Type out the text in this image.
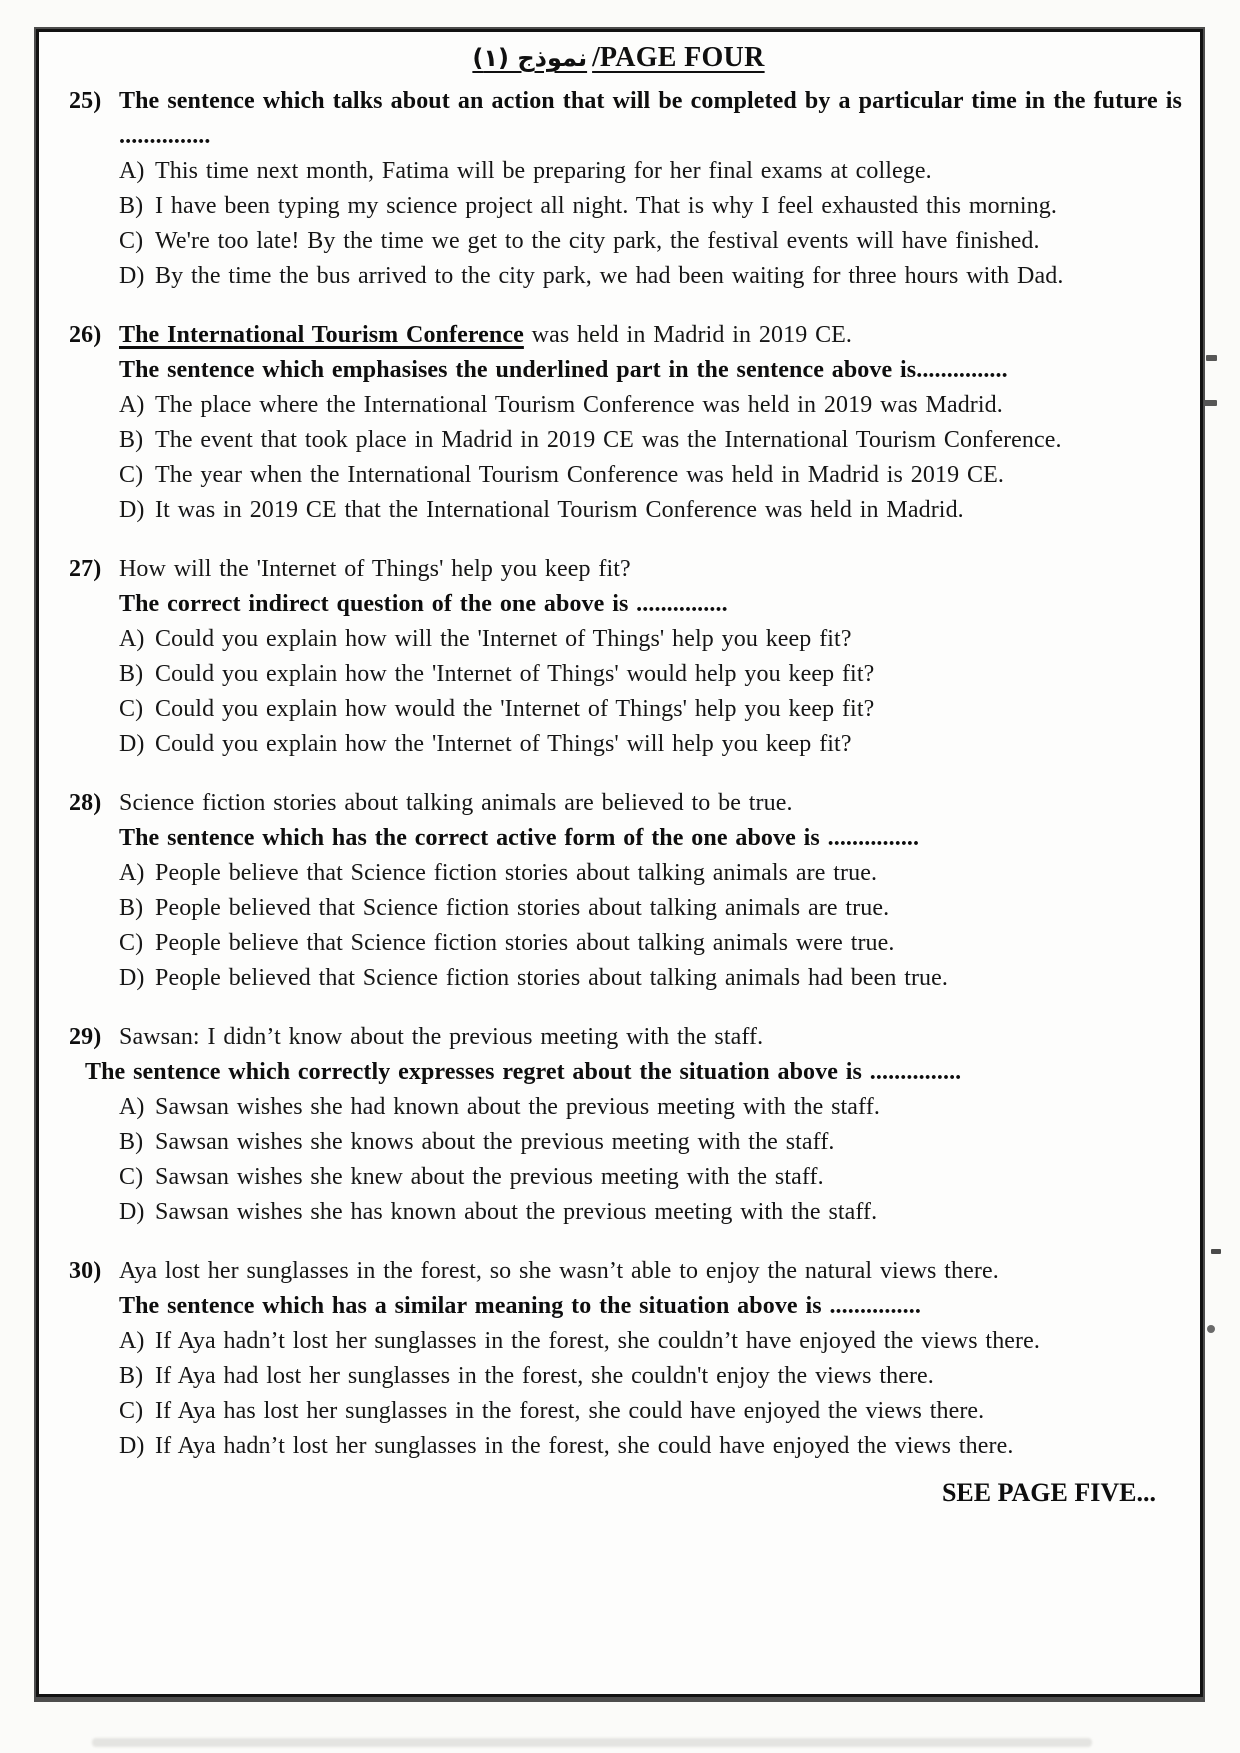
نموذج (١) /PAGE FOUR
25) The sentence which talks about an action that will be completed by a particular time in the future is ...............
A) This time next month, Fatima will be preparing for her final exams at college.
B) I have been typing my science project all night. That is why I feel exhausted this morning.
C) We're too late! By the time we get to the city park, the festival events will have finished.
D) By the time the bus arrived to the city park, we had been waiting for three hours with Dad.
26) The International Tourism Conference was held in Madrid in 2019 CE.
The sentence which emphasises the underlined part in the sentence above is...............
A) The place where the International Tourism Conference was held in 2019 was Madrid.
B) The event that took place in Madrid in 2019 CE was the International Tourism Conference.
C) The year when the International Tourism Conference was held in Madrid is 2019 CE.
D) It was in 2019 CE that the International Tourism Conference was held in Madrid.
27) How will the 'Internet of Things' help you keep fit?
The correct indirect question of the one above is ...............
A) Could you explain how will the 'Internet of Things' help you keep fit?
B) Could you explain how the 'Internet of Things' would help you keep fit?
C) Could you explain how would the 'Internet of Things' help you keep fit?
D) Could you explain how the 'Internet of Things' will help you keep fit?
28) Science fiction stories about talking animals are believed to be true.
The sentence which has the correct active form of the one above is ...............
A) People believe that Science fiction stories about talking animals are true.
B) People believed that Science fiction stories about talking animals are true.
C) People believe that Science fiction stories about talking animals were true.
D) People believed that Science fiction stories about talking animals had been true.
29) Sawsan: I didn’t know about the previous meeting with the staff.
The sentence which correctly expresses regret about the situation above is ...............
A) Sawsan wishes she had known about the previous meeting with the staff.
B) Sawsan wishes she knows about the previous meeting with the staff.
C) Sawsan wishes she knew about the previous meeting with the staff.
D) Sawsan wishes she has known about the previous meeting with the staff.
30) Aya lost her sunglasses in the forest, so she wasn’t able to enjoy the natural views there.
The sentence which has a similar meaning to the situation above is ...............
A) If Aya hadn’t lost her sunglasses in the forest, she couldn’t have enjoyed the views there.
B) If Aya had lost her sunglasses in the forest, she couldn't enjoy the views there.
C) If Aya has lost her sunglasses in the forest, she could have enjoyed the views there.
D) If Aya hadn’t lost her sunglasses in the forest, she could have enjoyed the views there.
SEE PAGE FIVE...
